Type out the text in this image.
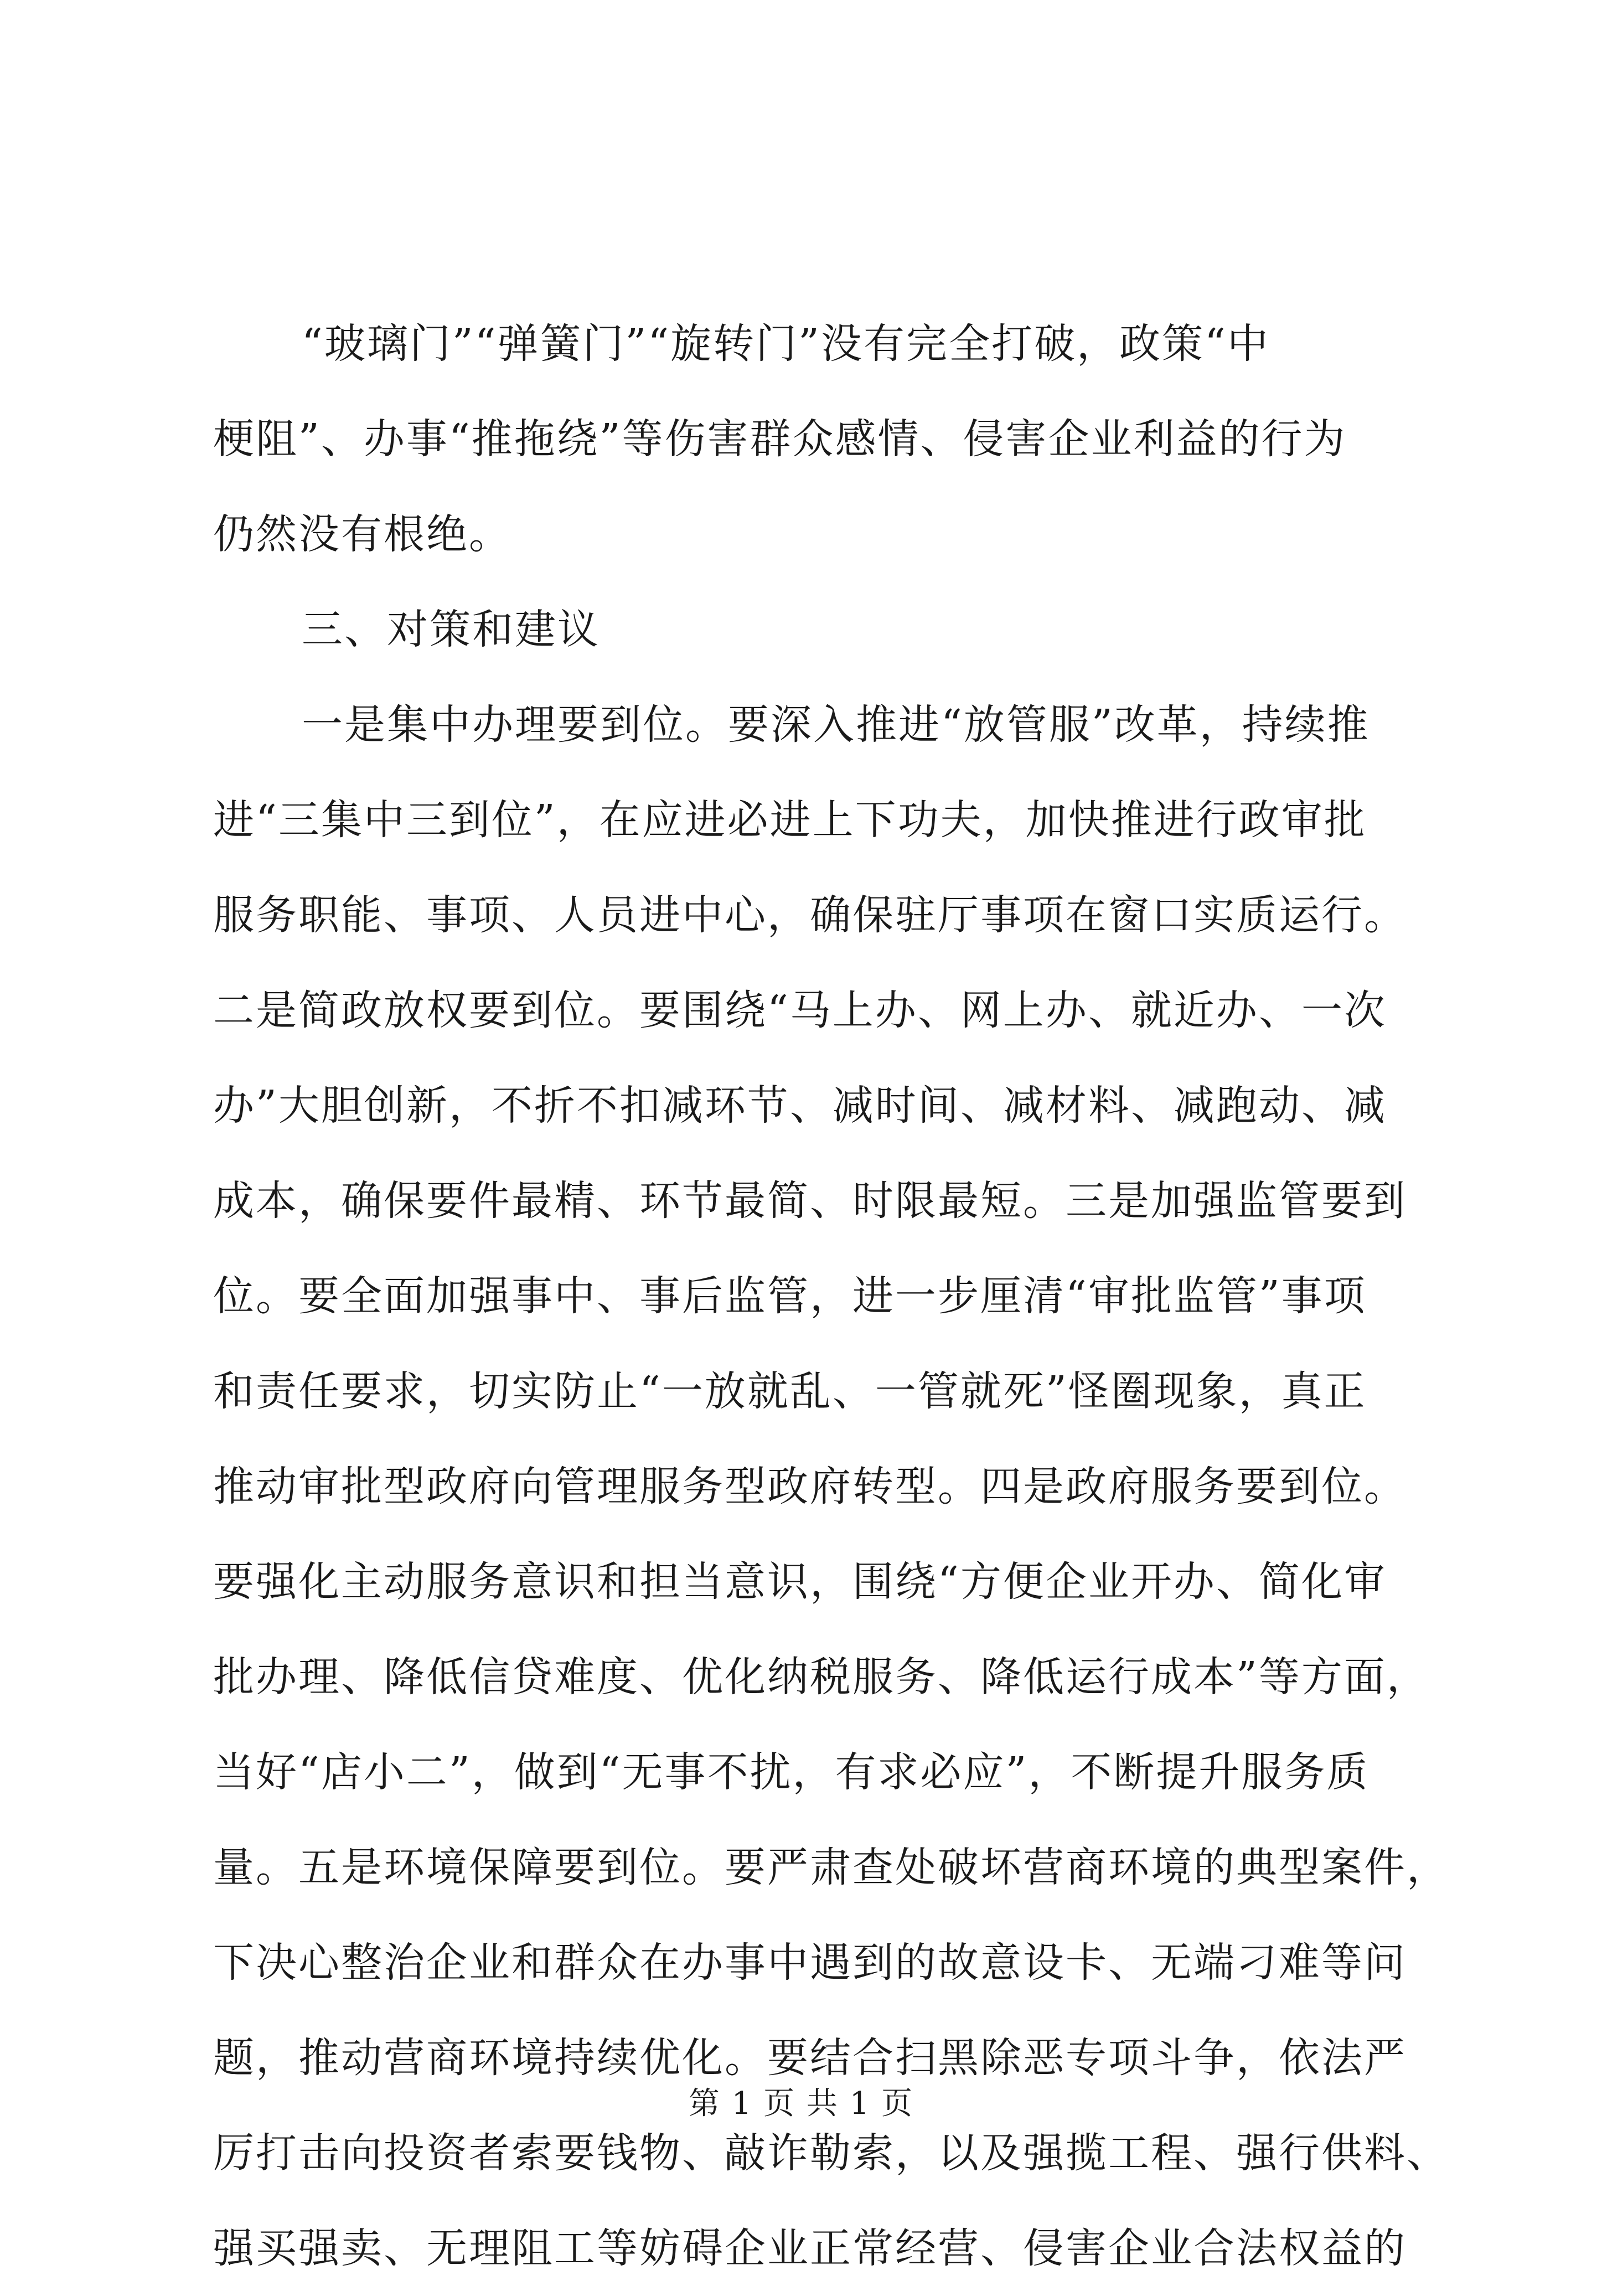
“玻璃门”“弹簧门”“旋转门”没有完全打破，政策“中
梗阻”、办事“推拖绕”等伤害群众感情、侵害企业利益的行为
仍然没有根绝。
三、对策和建议
一是集中办理要到位。要深入推进“放管服”改革，持续推
进“三集中三到位”，在应进必进上下功夫，加快推进行政审批
服务职能、事项、人员进中心，确保驻厅事项在窗口实质运行。
二是简政放权要到位。要围绕“马上办、网上办、就近办、一次
办”大胆创新，不折不扣减环节、减时间、减材料、减跑动、减
成本，确保要件最精、环节最简、时限最短。三是加强监管要到
位。要全面加强事中、事后监管，进一步厘清“审批监管”事项
和责任要求，切实防止“一放就乱、一管就死”怪圈现象，真正
推动审批型政府向管理服务型政府转型。四是政府服务要到位。
要强化主动服务意识和担当意识，围绕“方便企业开办、简化审
批办理、降低信贷难度、优化纳税服务、降低运行成本”等方面，
当好“店小二”，做到“无事不扰，有求必应”，不断提升服务质
量。五是环境保障要到位。要严肃查处破坏营商环境的典型案件，
下决心整治企业和群众在办事中遇到的故意设卡、无端刁难等问
题，推动营商环境持续优化。要结合扫黑除恶专项斗争，依法严
厉打击向投资者索要钱物、敲诈勒索，以及强揽工程、强行供料、
强买强卖、无理阻工等妨碍企业正常经营、侵害企业合法权益的
第 1 页 共 1 页
